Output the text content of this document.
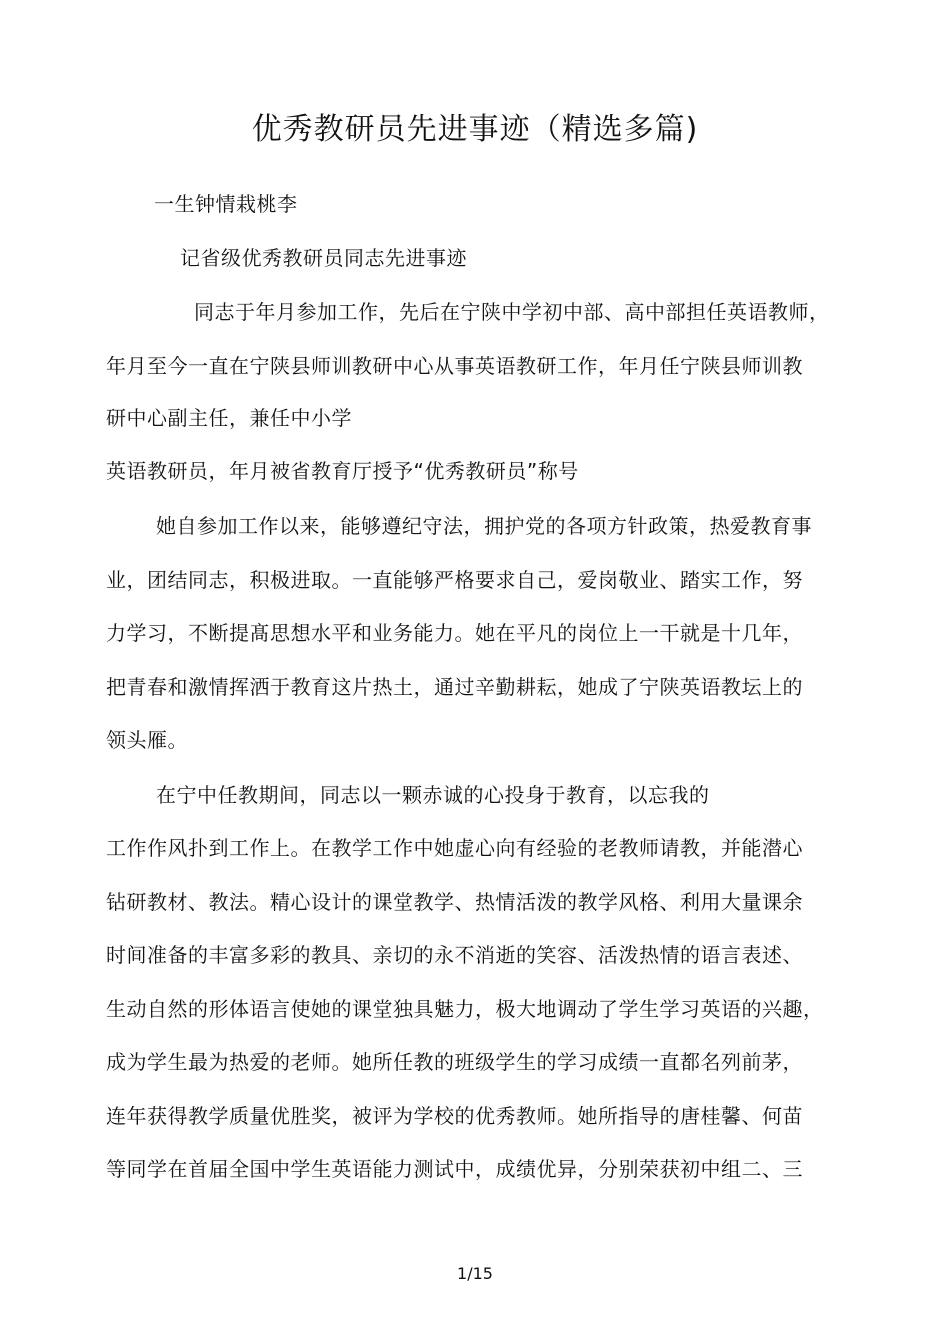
优秀教研员先进事迹（精选多篇)
一生钟情栽桃李
记省级优秀教研员同志先进事迹
同志于年月参加工作，先后在宁陕中学初中部、高中部担任英语教师，
年月至今一直在宁陕县师训教研中心从事英语教研工作，年月任宁陕县师训教
研中心副主任，兼任中小学
英语教研员，年月被省教育厅授予“优秀教研员”称号
她自参加工作以来，能够遵纪守法，拥护党的各项方针政策，热爱教育事
业，团结同志，积极进取。一直能够严格要求自己，爱岗敬业、踏实工作，努
力学习，不断提髙思想水平和业务能力。她在平凡的岗位上一干就是十几年，
把青春和激情挥洒于教育这片热土，通过辛勤耕耘，她成了宁陕英语教坛上的
领头雁。
在宁中任教期间，同志以一颗赤诚的心投身于教育，以忘我的
工作作风扑到工作上。在教学工作中她虚心向有经验的老教师请教，并能潜心
钻研教材、教法。精心设计的课堂教学、热情活泼的教学风格、利用大量课余
时间准备的丰富多彩的教具、亲切的永不消逝的笑容、活泼热情的语言表述、
生动自然的形体语言使她的课堂独具魅力，极大地调动了学生学习英语的兴趣，
成为学生最为热爱的老师。她所任教的班级学生的学习成绩一直都名列前茅，
连年获得教学质量优胜奖，被评为学校的优秀教师。她所指导的唐桂馨、何苗
等同学在首届全国中学生英语能力测试中，成绩优异，分别荣获初中组二、三
1/15
